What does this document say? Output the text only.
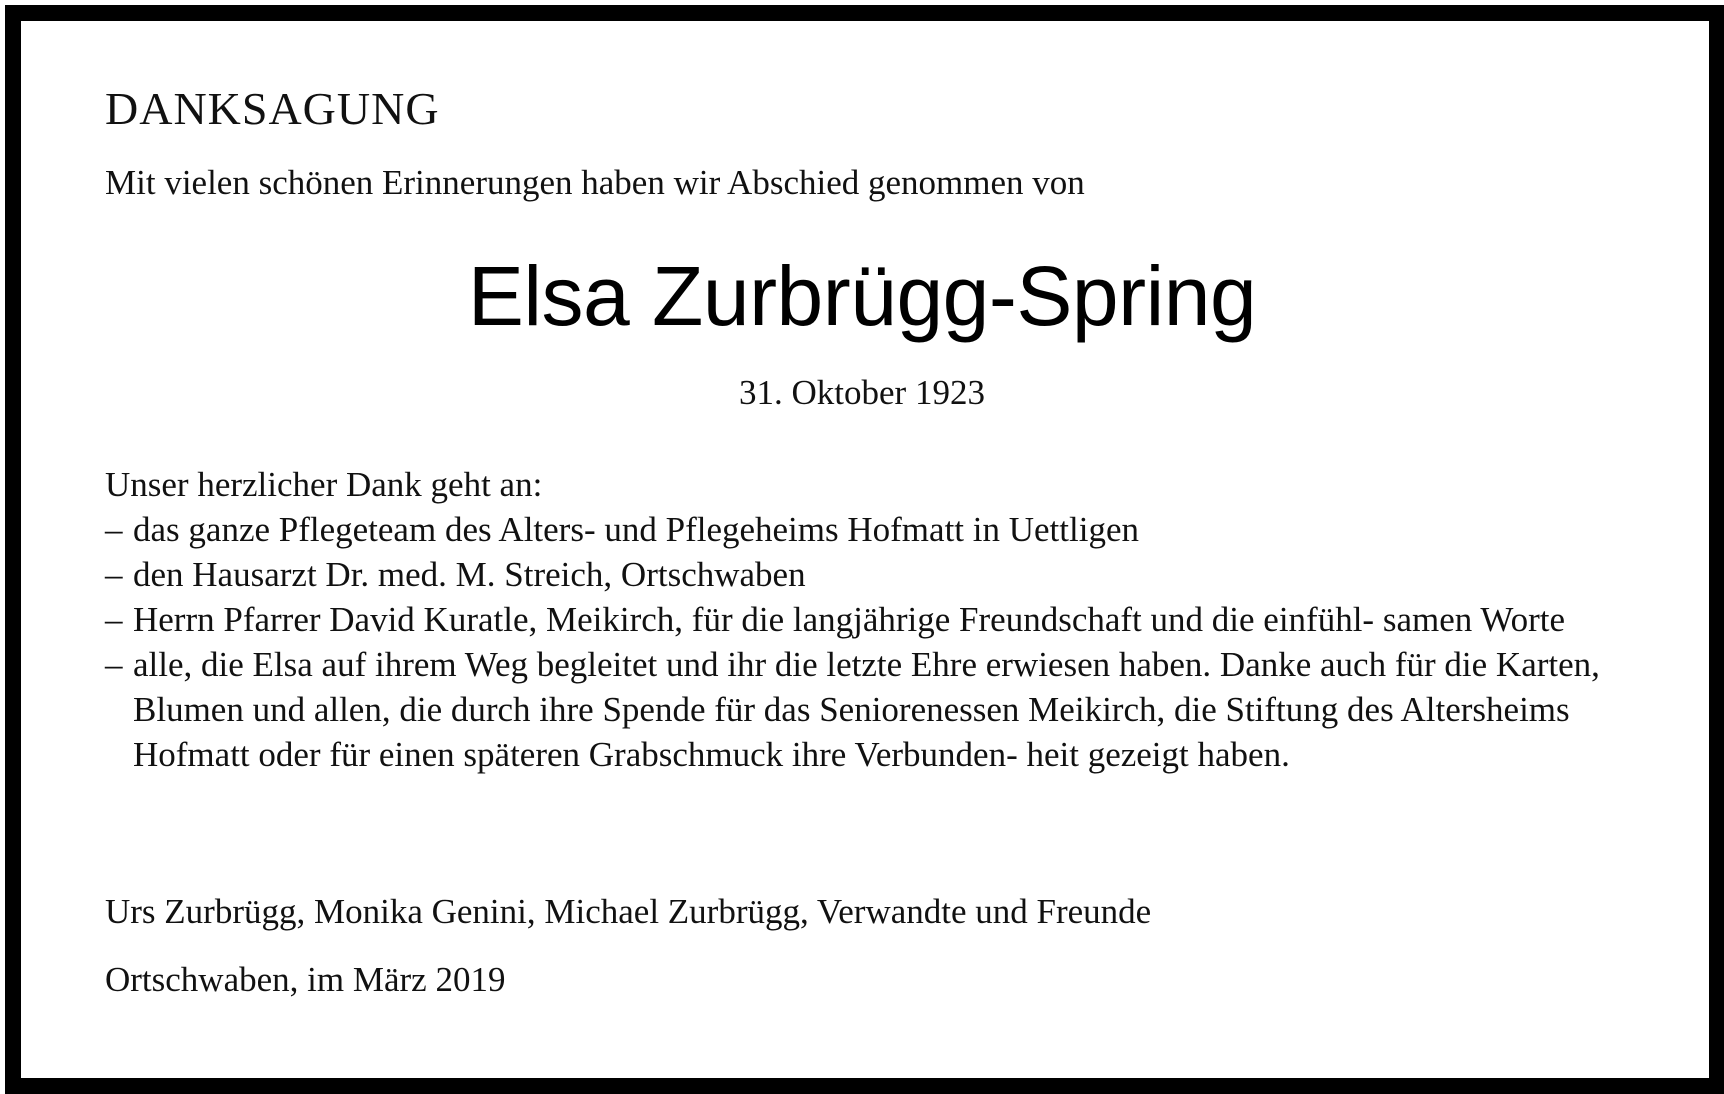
DANKSAGUNG
Mit vielen schönen Erinnerungen haben wir Abschied genommen von
Elsa Zurbrügg-Spring
31. Oktober 1923
Unser herzlicher Dank geht an:
– das ganze Pflegeteam des Alters- und Pflegeheims Hofmatt in Uettligen
– den Hausarzt Dr. med. M. Streich, Ortschwaben
– Herrn Pfarrer David Kuratle, Meikirch, für die langjährige Freundschaft und die einfühl- samen Worte
– alle, die Elsa auf ihrem Weg begleitet und ihr die letzte Ehre erwiesen haben. Danke auch für die Karten, Blumen und allen, die durch ihre Spende für das Seniorenessen Meikirch, die Stiftung des Altersheims Hofmatt oder für einen späteren Grabschmuck ihre Verbunden- heit gezeigt haben.
Urs Zurbrügg, Monika Genini, Michael Zurbrügg, Verwandte und Freunde
Ortschwaben, im März 2019
